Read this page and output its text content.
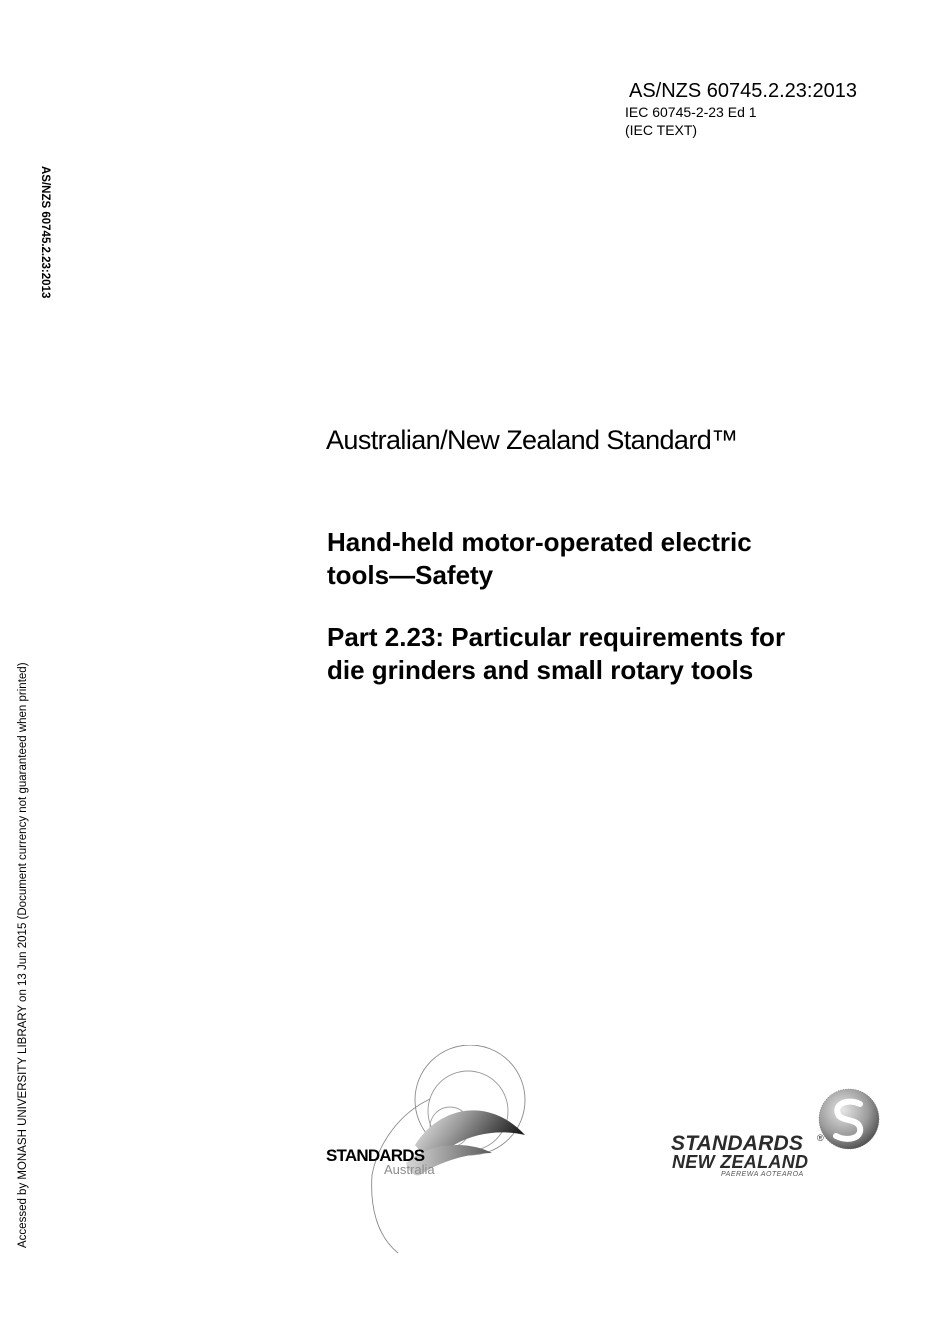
AS/NZS 60745.2.23:2013
IEC 60745-2-23 Ed 1
(IEC TEXT)
AS/NZS 60745.2.23:2013
Accessed by MONASH UNIVERSITY LIBRARY on 13 Jun 2015 (Document currency not guaranteed when printed)
Australian/New Zealand Standard™
Hand-held motor-operated electric
tools—Safety
Part 2.23: Particular requirements for
die grinders and small rotary tools
STANDARDS
Australia
STANDARDS ®
NEW ZEALAND
PAEREWA AOTEAROA
